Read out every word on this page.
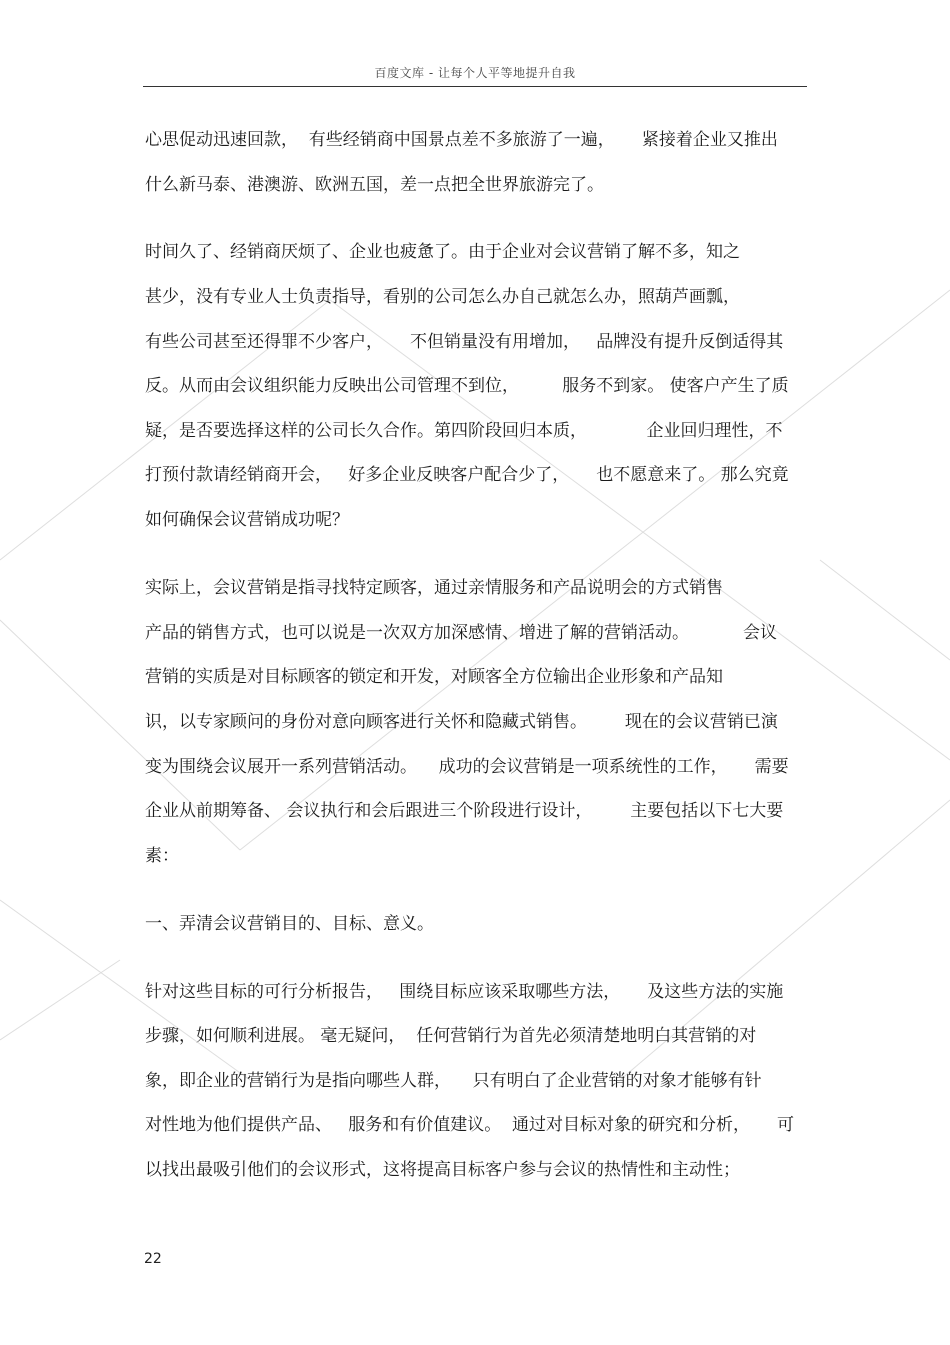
百度文库 - 让每个人平等地提升自我
心思促动迅速回款，  有些经销商中国景点差不多旅游了一遍，     紧接着企业又推出
什么新马泰、港澳游、欧洲五国，差一点把全世界旅游完了。
时间久了、经销商厌烦了、企业也疲惫了。由于企业对会议营销了解不多，知之
甚少，没有专业人士负责指导，看别的公司怎么办自己就怎么办，照葫芦画瓢，
有些公司甚至还得罪不少客户，     不但销量没有用增加，   品牌没有提升反倒适得其
反。从而由会议组织能力反映出公司管理不到位，        服务不到家。 使客户产生了质
疑，是否要选择这样的公司长久合作。第四阶段回归本质，           企业回归理性，不
打预付款请经销商开会，   好多企业反映客户配合少了，     也不愿意来了。 那么究竟
如何确保会议营销成功呢？
实际上，会议营销是指寻找特定顾客，通过亲情服务和产品说明会的方式销售
产品的销售方式，也可以说是一次双方加深感情、增进了解的营销活动。          会议
营销的实质是对目标顾客的锁定和开发，对顾客全方位输出企业形象和产品知
识，以专家顾问的身份对意向顾客进行关怀和隐藏式销售。       现在的会议营销已演
变为围绕会议展开一系列营销活动。    成功的会议营销是一项系统性的工作，     需要
企业从前期筹备、 会议执行和会后跟进三个阶段进行设计，       主要包括以下七大要
素：
一、弄清会议营销目的、目标、意义。
针对这些目标的可行分析报告，   围绕目标应该采取哪些方法，     及这些方法的实施
步骤，如何顺利进展。 毫无疑问，  任何营销行为首先必须清楚地明白其营销的对
象，即企业的营销行为是指向哪些人群，    只有明白了企业营销的对象才能够有针
对性地为他们提供产品、   服务和有价值建议。  通过对目标对象的研究和分析，     可
以找出最吸引他们的会议形式，这将提高目标客户参与会议的热情性和主动性；
22
